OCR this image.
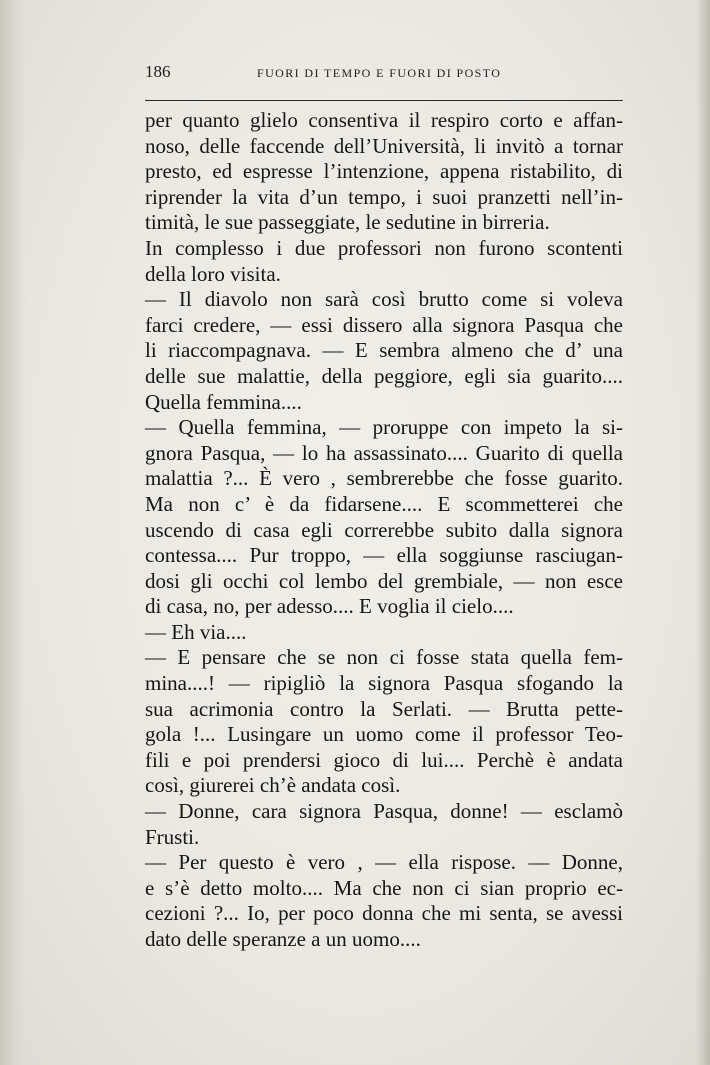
186	FUORI DI TEMPO E FUORI DI POSTO
per quanto glielo consentiva il respiro corto e affan-
noso, delle faccende dell’Università, li invitò a tornar
presto, ed espresse l’intenzione, appena ristabilito, di
riprender la vita d’un tempo, i suoi pranzetti nell’in-
timità, le sue passeggiate, le sedutine in birreria.
In complesso i due professori non furono scontenti
della loro visita.
— Il diavolo non sarà così brutto come si voleva
farci credere, — essi dissero alla signora Pasqua che
li riaccompagnava. — E sembra almeno che d’ una
delle sue malattie, della peggiore, egli sia guarito....
Quella femmina....
— Quella femmina, — proruppe con impeto la si-
gnora Pasqua, — lo ha assassinato.... Guarito di quella
malattia ?... È vero , sembrerebbe che fosse guarito.
Ma non c’ è da fidarsene.... E scommetterei che
uscendo di casa egli correrebbe subito dalla signora
contessa.... Pur troppo, — ella soggiunse rasciugan-
dosi gli occhi col lembo del grembiale, — non esce
di casa, no, per adesso.... E voglia il cielo....
— Eh via....
— E pensare che se non ci fosse stata quella fem-
mina....! — ripigliò la signora Pasqua sfogando la
sua acrimonia contro la Serlati. — Brutta pette-
gola !... Lusingare un uomo come il professor Teo-
fili e poi prendersi gioco di lui.... Perchè è andata
così, giurerei ch’è andata così.
— Donne, cara signora Pasqua, donne! — esclamò
Frusti.
— Per questo è vero , — ella rispose. — Donne,
e s’è detto molto.... Ma che non ci sian proprio ec-
cezioni ?... Io, per poco donna che mi senta, se avessi
dato delle speranze a un uomo....
